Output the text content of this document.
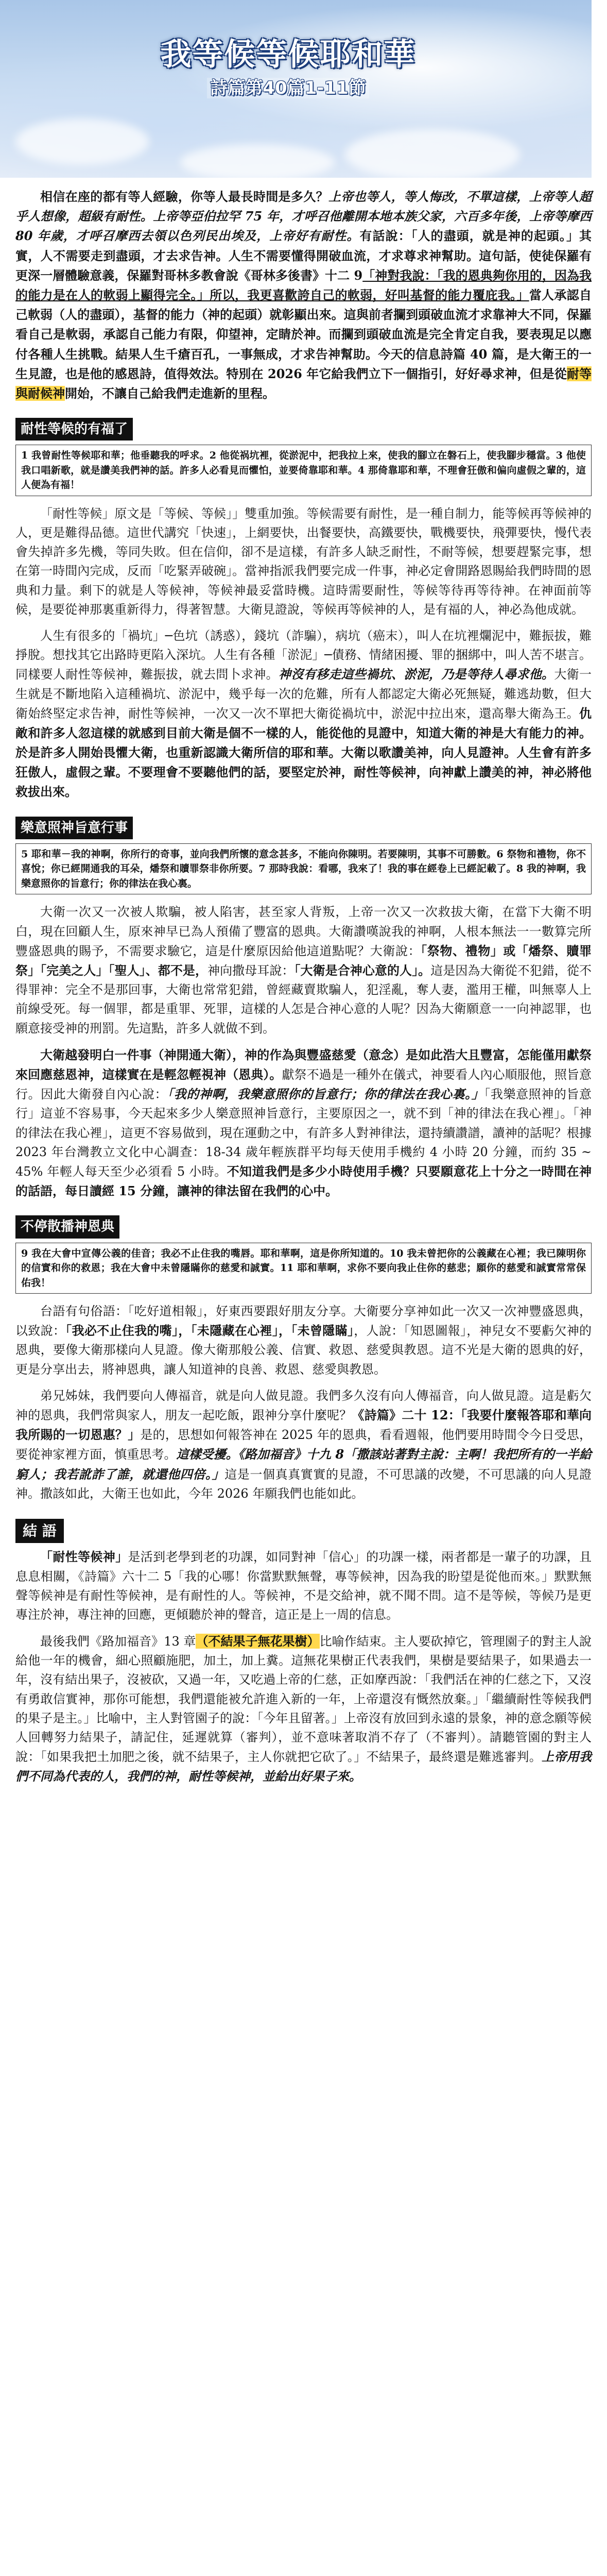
我等候等候耶和華
詩篇第40篇1-11節

相信在座的都有等人經驗，你等人最長時間是多久？上帝也等人，等人悔改，不單這樣，上帝等人超乎人想像，超級有耐性。上帝等亞伯拉罕 75 年，才呼召他離開本地本族父家，六百多年後，上帝等摩西 80 年歲，才呼召摩西去領以色列民出埃及，上帝好有耐性。有話說：「人的盡頭，就是神的起頭。」其實，人不需要走到盡頭，才去求告神。人生不需要懂得開破血流，才求尊求神幫助。這句話，使徒保羅有更深一層體驗意義，保羅對哥林多教會說《哥林多後書》十二 9「神對我說：「我的恩典夠你用的，因為我的能力是在人的軟弱上顯得完全。」所以，我更喜歡誇自己的軟弱，好叫基督的能力覆庇我。」當人承認自己軟弱（人的盡頭），基督的能力（神的起頭）就彰顯出來。這與前者攔到頭破血流才求靠神大不同，保羅看自己是軟弱，承認自己能力有限，仰望神，定睛於神。而攔到頭破血流是完全肯定自我，要表現足以應付各種人生挑戰。結果人生千瘡百孔，一事無成，才求告神幫助。今天的信息詩篇 40 篇，是大衛王的一生見證，也是他的感恩詩，值得效法。特別在 2026 年它給我們立下一個指引，好好尋求神，但是從耐等與耐候神開始，不讓自己給我們走進新的里程。

耐性等候的有福了
1 我曾耐性等候耶和華；他垂聽我的呼求。2 他從祸坑裡，從淤泥中，把我拉上來，使我的腳立在磐石上，使我腳步穩當。3 他使我口唱新歌，就是讚美我們神的話。許多人必看見而懼怕，並要倚靠耶和華。4 那倚靠耶和華，不理會狂傲和偏向虛假之輩的，這人便為有福！

「耐性等候」原文是「等候、等候」」雙重加強。等候需要有耐性，是一種自制力，能等候再等候神的人，更是難得品德。這世代講究「快速」，上網要快，出餐要快，高鐵要快，戰機要快，飛彈要快，慢代表會失掉許多先機，等同失敗。但在信仰，卻不是這樣，有許多人缺乏耐性，不耐等候，想要趕緊完事，想在第一時間內完成，反而「吃緊弄破碗」。當神指派我們要完成一件事，神必定會開路恩賜給我們時間的恩典和力量。剩下的就是人等候神，等候神最妥當時機。這時需要耐性，等候等待再等待神。在神面前等候，是要從神那裏重新得力，得著智慧。大衛見證說，等候再等候神的人，是有福的人，神必為他成就。

人生有很多的「禍坑」─色坑（誘惑），錢坑（詐騙），病坑（癌末），叫人在坑裡爛泥中，難振拔，難掙脫。想找其它出路時更陷入深坑。人生有各種「淤泥」─債務、情緒困擾、罪的捆綁中，叫人苦不堪言。同樣要人耐性等候神，難振拔，就去問卜求神。神沒有移走這些禍坑、淤泥，乃是等待人尋求他。大衛一生就是不斷地陷入這種禍坑、淤泥中，幾乎每一次的危難，所有人都認定大衛必死無疑，難逃劫數，但大衛始終堅定求告神，耐性等候神，一次又一次不單把大衛從禍坑中，淤泥中拉出來，還高舉大衛為王。仇敵和許多人忽這樣的就感到目前大衛是個不一樣的人，能從他的見證中，知道大衛的神是大有能力的神。於是許多人開始畏懼大衛，也重新認識大衛所信的耶和華。大衛以歌讚美神，向人見證神。人生會有許多狂傲人，虛假之輩。不要理會不要聽他們的話，要堅定於神，耐性等候神，向神獻上讚美的神，神必將他救拔出來。

樂意照神旨意行事
5 耶和華－我的神啊，你所行的奇事，並向我們所懷的意念甚多，不能向你陳明。若要陳明，其事不可勝數。6 祭物和禮物，你不喜悅；你已經開通我的耳朵，燔祭和贖罪祭非你所要。7 那時我說：看哪，我來了！我的事在經卷上已經記載了。8 我的神啊，我樂意照你的旨意行；你的律法在我心裏。

大衛一次又一次被人欺騙，被人陷害，甚至家人背叛，上帝一次又一次救拔大衛，在當下大衛不明白，現在回顧人生，原來神早已為人預備了豐富的恩典。大衛讚嘆說我的神啊，人根本無法一一數算完所豐盛恩典的賜予，不需要求驗它，這是什麼原因給他這道點呢？大衛說：「祭物、禮物」或「燔祭、贖罪祭」「完美之人」「聖人」、都不是，神向撒母耳說：「大衛是合神心意的人」。這是因為大衛從不犯錯，從不得罪神：完全不是那回事，大衛也常常犯錯，曾經藏賣欺騙人，犯淫亂，奪人妻，濫用王權，叫無辜人上前線受死。每一個罪，都是重罪、死罪，這樣的人怎是合神心意的人呢？因為大衛願意一一向神認罪，也願意接受神的刑罰。先這點，許多人就做不到。

大衛越發明白一件事（神開通大衛），神的作為與豐盛慈愛（意念）是如此浩大且豐富，怎能僅用獻祭來回應慈恩神，這樣實在是輕忽輕視神（恩典）。獻祭不過是一種外在儀式，神要看人內心順服他，照旨意行。因此大衛發自內心說：「我的神啊，我樂意照你的旨意行；你的律法在我心裏。」「我樂意照神的旨意行」這並不容易事，今天起來多少人樂意照神旨意行，主要原因之一，就不到「神的律法在我心裡」。「神的律法在我心裡」，這更不容易做到，現在運動之中，有許多人對神律法，還持續讚譜，讀神的話呢？根據 2023 年台灣教立文化中心調查：18-34 歲年輕族群平均每天使用手機約 4 小時 20 分鐘，而約 35 ~ 45% 年輕人每天至少必須看 5 小時。不知道我們是多少小時使用手機？只要願意花上十分之一時間在神的話語，每日讀經 15 分鐘，讓神的律法留在我們的心中。

不停散播神恩典
9 我在大會中宣傳公義的佳音；我必不止住我的嘴唇。耶和華啊，這是你所知道的。10 我未曾把你的公義藏在心裡；我已陳明你的信實和你的救恩；我在大會中未曾隱瞞你的慈愛和誠實。11 耶和華啊，求你不要向我止住你的慈悲；願你的慈愛和誠實常常保佑我！

台語有句俗語：「吃好道相報」，好東西要跟好朋友分享。大衛要分享神如此一次又一次神豐盛恩典，以致說：「我必不止住我的嘴」，「未隱藏在心裡」，「未曾隱瞞」，人說：「知恩圖報」，神兒女不要虧欠神的恩典，要像大衛那樣向人見證。像大衛那般公義、信實、救恩、慈愛與教恩。這不光是大衛的恩典的好，更是分享出去，將神恩典，讓人知道神的良善、救恩、慈愛與教恩。

弟兄姊妹，我們要向人傳福音，就是向人做見證。我們多久沒有向人傳福音，向人做見證。這是虧欠神的恩典，我們常與家人，朋友一起吃飯，跟神分享什麼呢？《詩篇》二十 12：「我要什麼報答耶和華向我所賜的一切恩惠？」是的，思想如何報答神在 2025 年的恩典，看看週報，他們要用時間令今日受思，要從神家裡方面，慎重思考。這樣受擾。《路加福音》十九 8「撒該站著對主說：主啊！我把所有的一半給窮人；我若訛詐了誰，就還他四倍。」這是一個真真實實的見證，不可思議的改變，不可思議的向人見證神。撒該如此，大衛王也如此，今年 2026 年願我們也能如此。

結 語

「耐性等候神」是活到老學到老的功課，如同對神「信心」的功課一樣，兩者都是一輩子的功課，且息息相關，《詩篇》六十二 5「我的心哪！你當默默無聲，專等候神，因為我的盼望是從他而來。」默默無聲等候神是有耐性等候神，是有耐性的人。等候神，不是交給神，就不聞不問。這不是等候，等候乃是更專注於神，專注神的回應，更傾聽於神的聲音，這正是上一周的信息。

最後我們《路加福音》13 章（不結果子無花果樹）比喻作結束。主人要砍掉它，管理園子的對主人說給他一年的機會，細心照顧施肥，加土，加上糞。這無花果樹正代表我們，果樹是要結果子，如果過去一年，沒有結出果子，沒被砍，又過一年，又吃過上帝的仁慈，正如摩西說：「我們活在神的仁慈之下，又沒有勇敢信實神，那你可能想，我們還能被允許進入新的一年，上帝還沒有慨然放棄。」「繼續耐性等候我們的果子是主。」比喻中，主人對管園子的說：「今年且留著。」上帝沒有放回到永遠的景象，神的意念願等候人回轉努力結果子，請記住，延遲就算（審判），並不意味著取消不存了（不審判）。請聽管園的對主人說：「如果我把土加肥之後，就不結果子，主人你就把它砍了。」不結果子，最終還是難逃審判。上帝用我們不同為代表的人，我們的神，耐性等候神，並給出好果子來。
